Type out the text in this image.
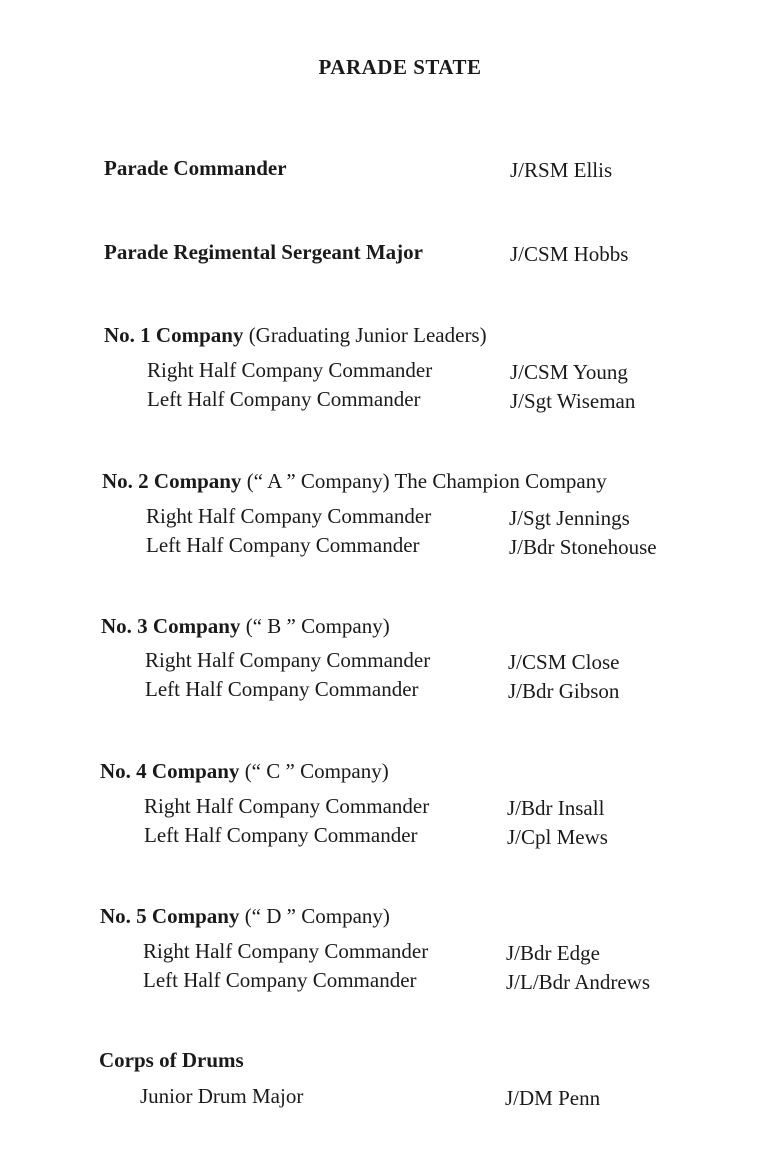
PARADE STATE
Parade Commander	J/RSM Ellis
Parade Regimental Sergeant Major	J/CSM Hobbs
No. 1 Company (Graduating Junior Leaders)
Right Half Company Commander	J/CSM Young
Left Half Company Commander	J/Sgt Wiseman
No. 2 Company (“ A ” Company) The Champion Company
Right Half Company Commander	J/Sgt Jennings
Left Half Company Commander	J/Bdr Stonehouse
No. 3 Company (“ B ” Company)
Right Half Company Commander	J/CSM Close
Left Half Company Commander	J/Bdr Gibson
No. 4 Company (“ C ” Company)
Right Half Company Commander	J/Bdr Insall
Left Half Company Commander	J/Cpl Mews
No. 5 Company (“ D ” Company)
Right Half Company Commander	J/Bdr Edge
Left Half Company Commander	J/L/Bdr Andrews
Corps of Drums
Junior Drum Major	J/DM Penn
